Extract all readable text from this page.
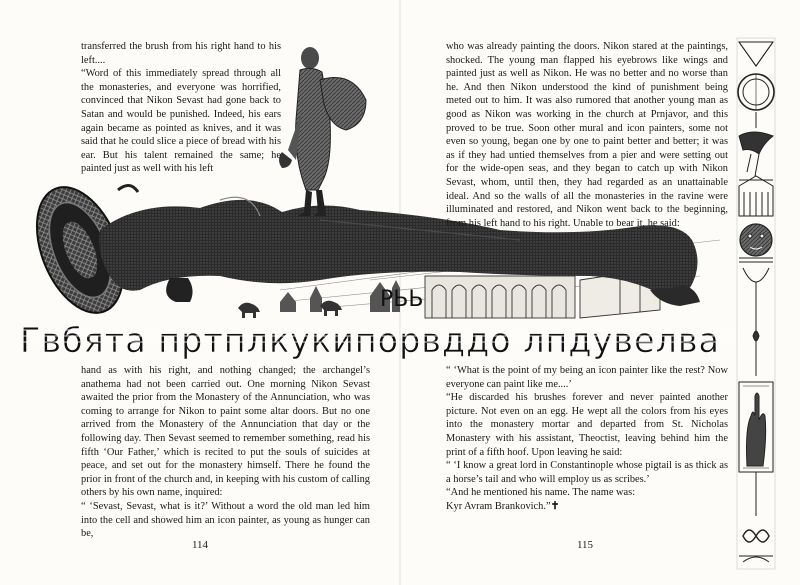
Гвбята пртплкукипорвддо лпдувелва
РЬЬ

transferred the brush from his right hand to his left....

“Word of this immediately spread through all the monasteries, and everyone was horrified, convinced that Nikon Sevast had gone back to Satan and would be punished. Indeed, his ears again became as pointed as knives, and it was said that he could slice a piece of bread with his ear. But his talent remained the same; he painted just as well with his left

hand as with his right, and nothing changed; the archangel’s anathema had not been carried out. One morning Nikon Sevast awaited the prior from the Monastery of the Annunciation, who was coming to arrange for Nikon to paint some altar doors. But no one arrived from the Monastery of the Annunciation that day or the following day. Then Sevast seemed to remember something, read his fifth ‘Our Father,’ which is recited to put the souls of suicides at peace, and set out for the monastery himself. There he found the prior in front of the church and, in keeping with his custom of calling others by his own name, inquired:

“ ‘Sevast, Sevast, what is it?’ Without a word the old man led him into the cell and showed him an icon painter, as young as hunger can be,

114

who was already painting the doors. Nikon stared at the paintings, shocked. The young man flapped his eyebrows like wings and painted just as well as Nikon. He was no better and no worse than he. And then Nikon understood the kind of punishment being meted out to him. It was also rumored that another young man as good as Nikon was working in the church at Prnjavor, and this proved to be true. Soon other mural and icon painters, some not even so young, began one by one to paint better and better; it was as if they had untied themselves from a pier and were setting out for the wide-open seas, and they began to catch up with Nikon Sevast, whom, until then, they had regarded as an unattainable ideal. And so the walls of all the monasteries in the ravine were illuminated and restored, and Nikon went back to the beginning, from his left hand to his right. Unable to bear it, he said:

“ ‘What is the point of my being an icon painter like the rest? Now everyone can paint like me....’

“He discarded his brushes forever and never painted another picture. Not even on an egg. He wept all the colors from his eyes into the monastery mortar and departed from St. Nicholas Monastery with his assistant, Theoctist, leaving behind him the print of a fifth hoof. Upon leaving he said:

“ ‘I know a great lord in Constantinople whose pigtail is as thick as a horse’s tail and who will employ us as scribes.’

“And he mentioned his name. The name was:

Kyr Avram Brankovich.”✝

115
